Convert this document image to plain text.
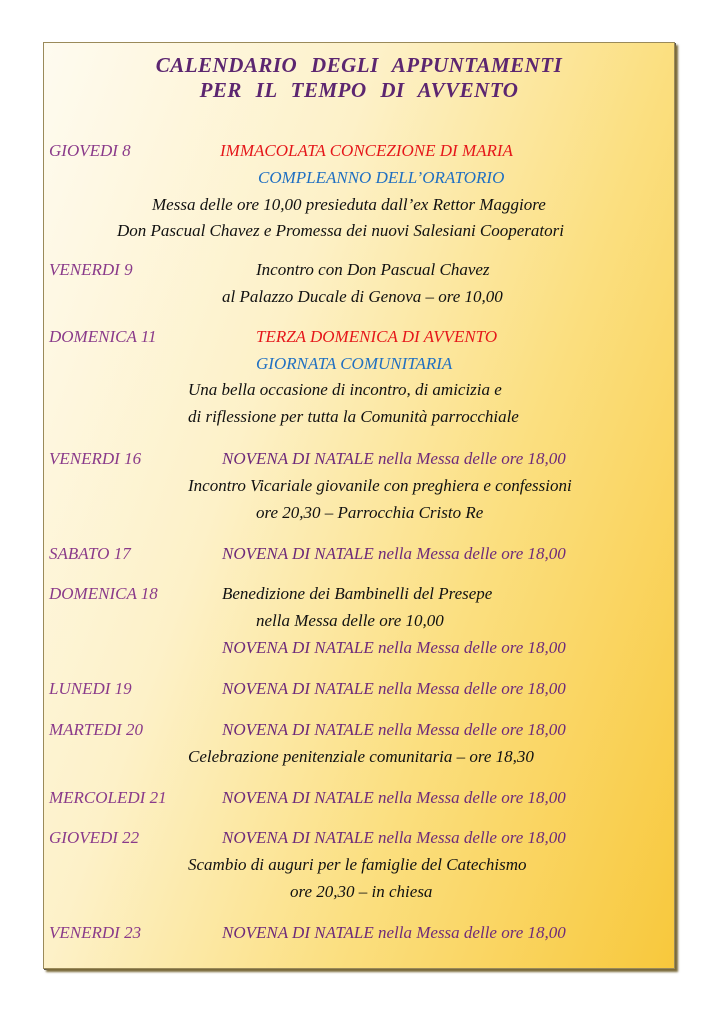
CALENDARIO DEGLI APPUNTAMENTI
PER IL TEMPO DI AVVENTO
GIOVEDI 8	IMMACOLATA CONCEZIONE DI MARIA
COMPLEANNO DELL’ORATORIO
Messa delle ore 10,00 presieduta dall’ex Rettor Maggiore
Don Pascual Chavez e Promessa dei nuovi Salesiani Cooperatori
VENERDI 9	Incontro con Don Pascual Chavez
al Palazzo Ducale di Genova – ore 10,00
DOMENICA 11	TERZA DOMENICA DI AVVENTO
GIORNATA COMUNITARIA
Una bella occasione di incontro, di amicizia e
di riflessione per tutta la Comunità parrocchiale
VENERDI 16	NOVENA DI NATALE nella Messa delle ore 18,00
Incontro Vicariale giovanile con preghiera e confessioni
ore 20,30 – Parrocchia Cristo Re
SABATO 17	NOVENA DI NATALE nella Messa delle ore 18,00
DOMENICA 18	Benedizione dei Bambinelli del Presepe
nella Messa delle ore 10,00
NOVENA DI NATALE nella Messa delle ore 18,00
LUNEDI 19	NOVENA DI NATALE nella Messa delle ore 18,00
MARTEDI 20	NOVENA DI NATALE nella Messa delle ore 18,00
Celebrazione penitenziale comunitaria – ore 18,30
MERCOLEDI 21	NOVENA DI NATALE nella Messa delle ore 18,00
GIOVEDI 22	NOVENA DI NATALE nella Messa delle ore 18,00
Scambio di auguri per le famiglie del Catechismo
ore 20,30 – in chiesa
VENERDI 23	NOVENA DI NATALE nella Messa delle ore 18,00
